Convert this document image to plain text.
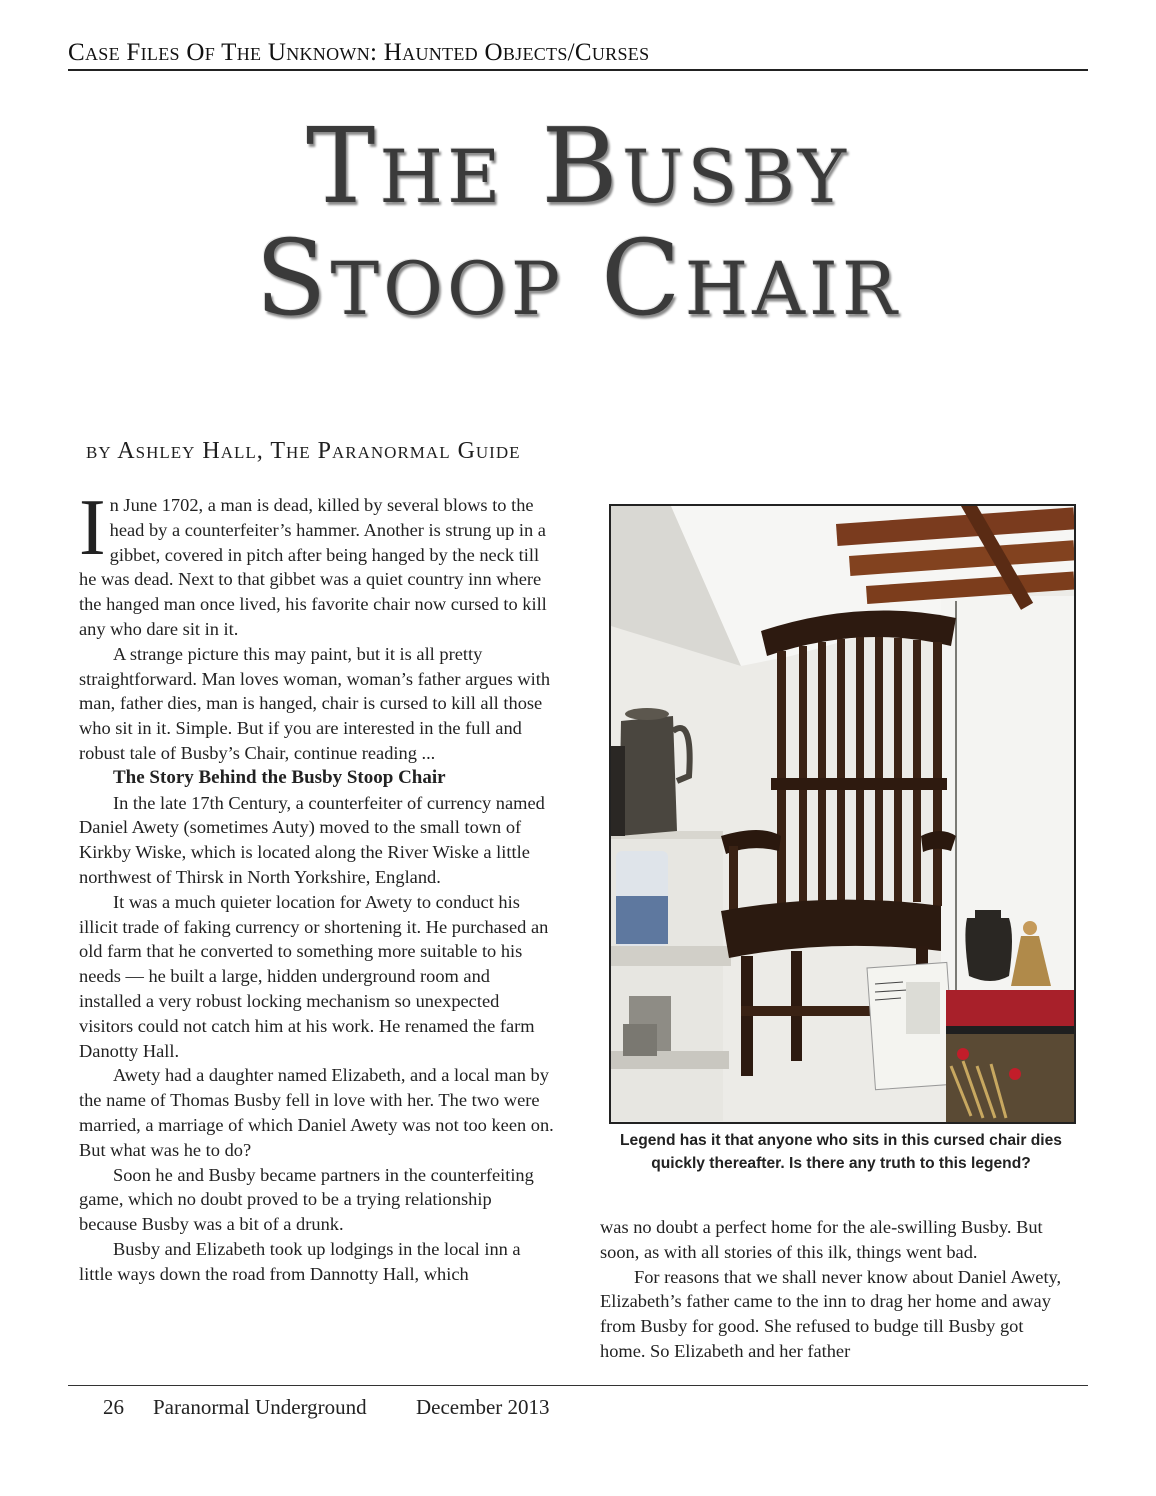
Case Files Of The Unknown: Haunted Objects/Curses
The Busby
Stoop Chair
by Ashley Hall, The Paranormal Guide

In June 1702, a man is dead, killed by several blows to the head by a counterfeiter’s hammer. Another is strung up in a gibbet, covered in pitch after being hanged by the neck till he was dead. Next to that gibbet was a quiet country inn where the hanged man once lived, his favorite chair now cursed to kill any who dare sit in it.

A strange picture this may paint, but it is all pretty straightforward. Man loves woman, woman’s father argues with man, father dies, man is hanged, chair is cursed to kill all those who sit in it. Simple. But if you are interested in the full and robust tale of Busby’s Chair, continue reading ...

The Story Behind the Busby Stoop Chair

In the late 17th Century, a counterfeiter of currency named Daniel Awety (sometimes Auty) moved to the small town of Kirkby Wiske, which is located along the River Wiske a little northwest of Thirsk in North Yorkshire, England.

It was a much quieter location for Awety to conduct his illicit trade of faking currency or shortening it. He purchased an old farm that he converted to something more suitable to his needs — he built a large, hidden underground room and installed a very robust locking mechanism so unexpected visitors could not catch him at his work. He renamed the farm Danotty Hall.

Awety had a daughter named Elizabeth, and a local man by the name of Thomas Busby fell in love with her. The two were married, a marriage of which Daniel Awety was not too keen on. But what was he to do?

Soon he and Busby became partners in the counterfeiting game, which no doubt proved to be a trying relationship because Busby was a bit of a drunk.

Busby and Elizabeth took up lodgings in the local inn a little ways down the road from Dannotty Hall, which

Legend has it that anyone who sits in this cursed chair dies quickly thereafter. Is there any truth to this legend?

was no doubt a perfect home for the ale-swilling Busby. But soon, as with all stories of this ilk, things went bad.

For reasons that we shall never know about Daniel Awety, Elizabeth’s father came to the inn to drag her home and away from Busby for good. She refused to budge till Busby got home. So Elizabeth and her father

26 Paranormal Underground December 2013
